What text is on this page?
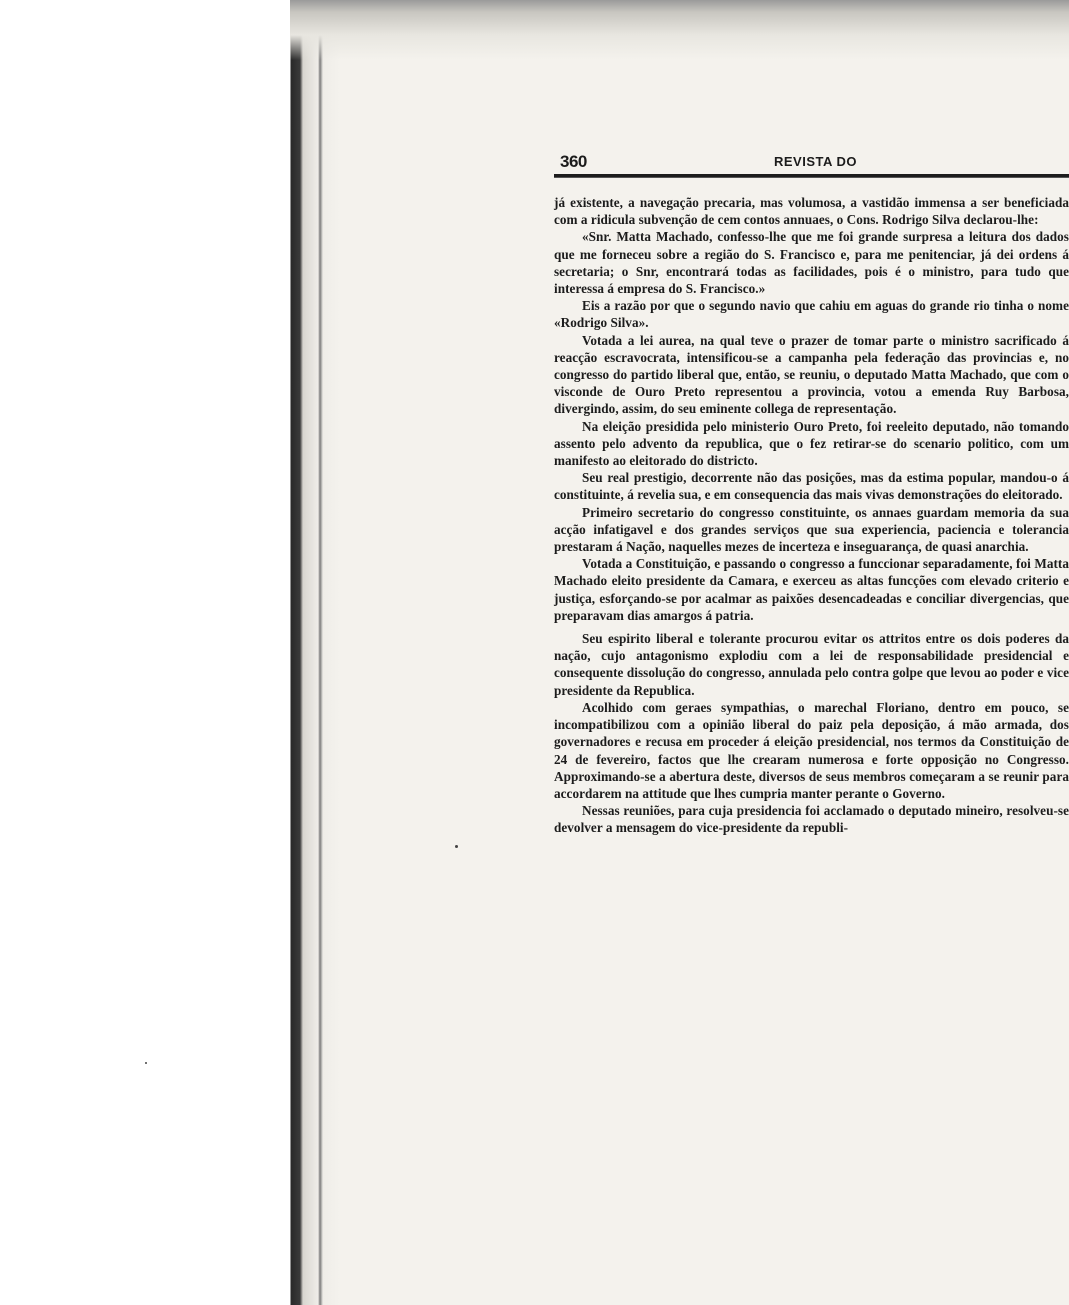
360	REVISTA DO

já existente, a navegação precaria, mas volumosa, a vastidão immensa a ser beneficiada com a ridicula subvenção de cem contos annuaes, o Cons. Rodrigo Silva declarou-lhe:

«Snr. Matta Machado, confesso-lhe que me foi grande surpresa a leitura dos dados que me forneceu sobre a região do S. Francisco e, para me penitenciar, já dei ordens á secretaria; o Snr, encontrará todas as facilidades, pois é o ministro, para tudo que interessa á empresa do S. Francisco.»

Eis a razão por que o segundo navio que cahiu em aguas do grande rio tinha o nome «Rodrigo Silva».

Votada a lei aurea, na qual teve o prazer de tomar parte o ministro sacrificado á reacção escravocrata, intensificou-se a campanha pela federação das provincias e, no congresso do partido liberal que, então, se reuniu, o deputado Matta Machado, que com o visconde de Ouro Preto representou a provincia, votou a emenda Ruy Barbosa, divergindo, assim, do seu eminente collega de representação.

Na eleição presidida pelo ministerio Ouro Preto, foi reeleito deputado, não tomando assento pelo advento da republica, que o fez retirar-se do scenario politico, com um manifesto ao eleitorado do districto.

Seu real prestigio, decorrente não das posições, mas da estima popular, mandou-o á constituinte, á revelia sua, e em consequencia das mais vivas demonstrações do eleitorado.

Primeiro secretario do congresso constituinte, os annaes guardam memoria da sua acção infatigavel e dos grandes serviços que sua experiencia, paciencia e tolerancia prestaram á Nação, naquelles mezes de incerteza e inseguarança, de quasi anarchia.

Votada a Constituição, e passando o congresso a funccionar separadamente, foi Matta Machado eleito presidente da Camara, e exerceu as altas funcções com elevado criterio e justiça, esforçando-se por acalmar as paixões desencadeadas e conciliar divergencias, que preparavam dias amargos á patria.

Seu espirito liberal e tolerante procurou evitar os attritos entre os dois poderes da nação, cujo antagonismo explodiu com a lei de responsabilidade presidencial e consequente dissolução do congresso, annulada pelo contra golpe que levou ao poder e vice presidente da Republica.

Acolhido com geraes sympathias, o marechal Floriano, dentro em pouco, se incompatibilizou com a opinião liberal do paiz pela deposição, á mão armada, dos governadores e recusa em proceder á eleição presidencial, nos termos da Constituição de 24 de fevereiro, factos que lhe crearam numerosa e forte opposição no Congresso. Approximando-se a abertura deste, diversos de seus membros começaram a se reunir para accordarem na attitude que lhes cumpria manter perante o Governo.

Nessas reuniões, para cuja presidencia foi acclamado o deputado mineiro, resolveu-se devolver a mensagem do vice-presidente da republi-
